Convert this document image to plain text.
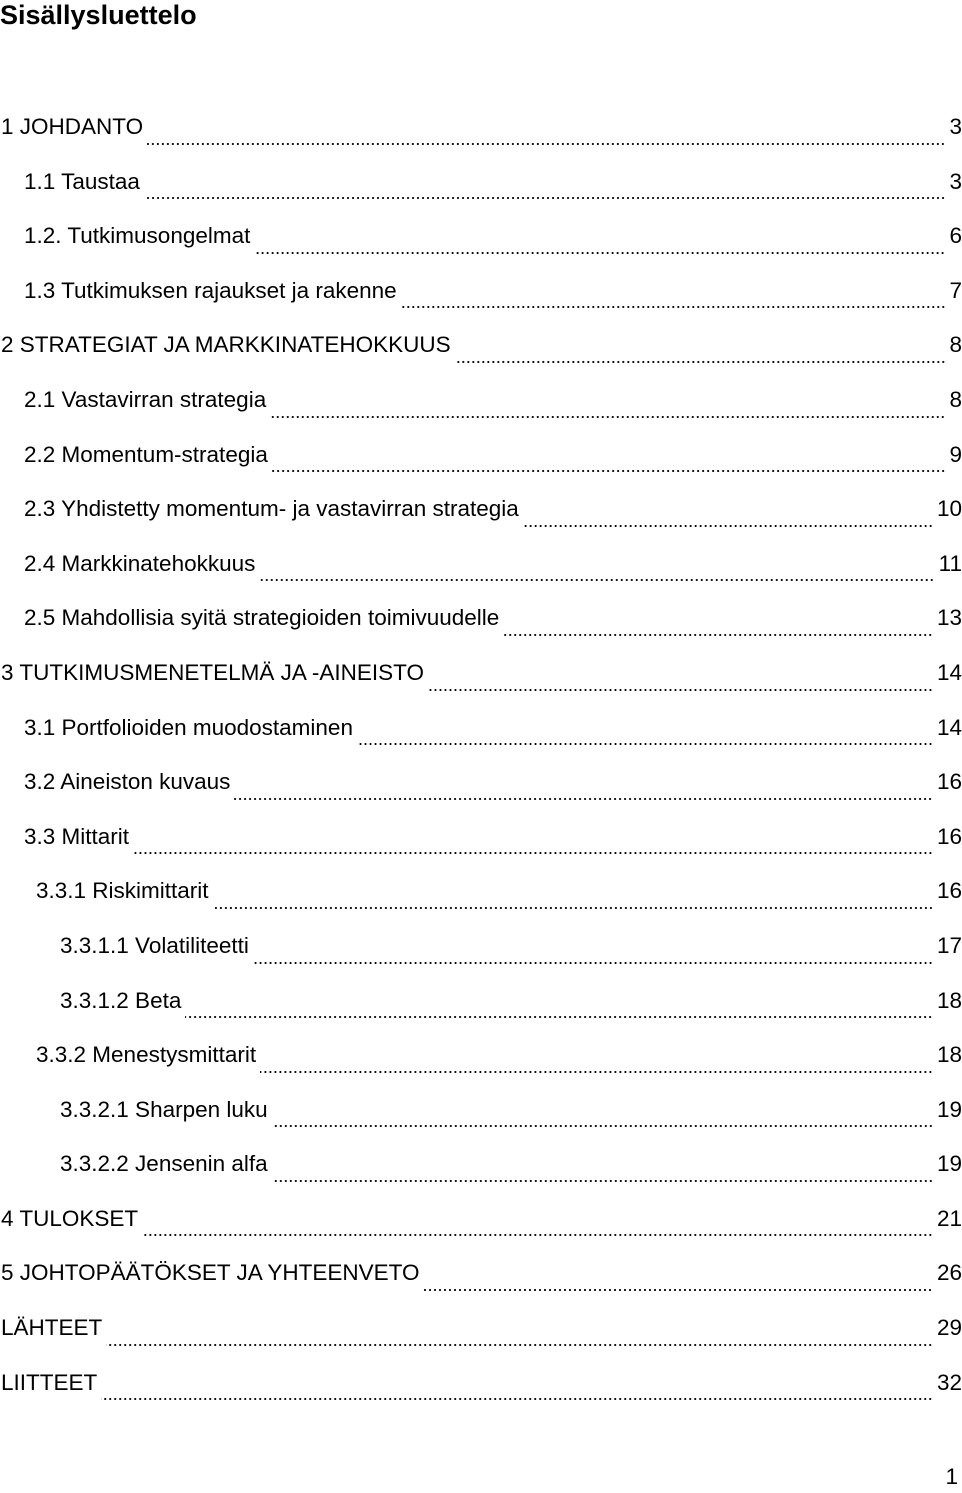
Sisällysluettelo
1 JOHDANTO	3
1.1 Taustaa	3
1.2. Tutkimusongelmat	6
1.3 Tutkimuksen rajaukset ja rakenne	7
2 STRATEGIAT JA MARKKINATEHOKKUUS	8
2.1 Vastavirran strategia	8
2.2 Momentum-strategia	9
2.3 Yhdistetty momentum- ja vastavirran strategia	10
2.4 Markkinatehokkuus	11
2.5 Mahdollisia syitä strategioiden toimivuudelle	13
3 TUTKIMUSMENETELMÄ JA -AINEISTO	14
3.1 Portfolioiden muodostaminen	14
3.2 Aineiston kuvaus	16
3.3 Mittarit	16
3.3.1 Riskimittarit	16
3.3.1.1 Volatiliteetti	17
3.3.1.2 Beta	18
3.3.2 Menestysmittarit	18
3.3.2.1 Sharpen luku	19
3.3.2.2 Jensenin alfa	19
4 TULOKSET	21
5 JOHTOPÄÄTÖKSET JA YHTEENVETO	26
LÄHTEET	29
LIITTEET	32
1
